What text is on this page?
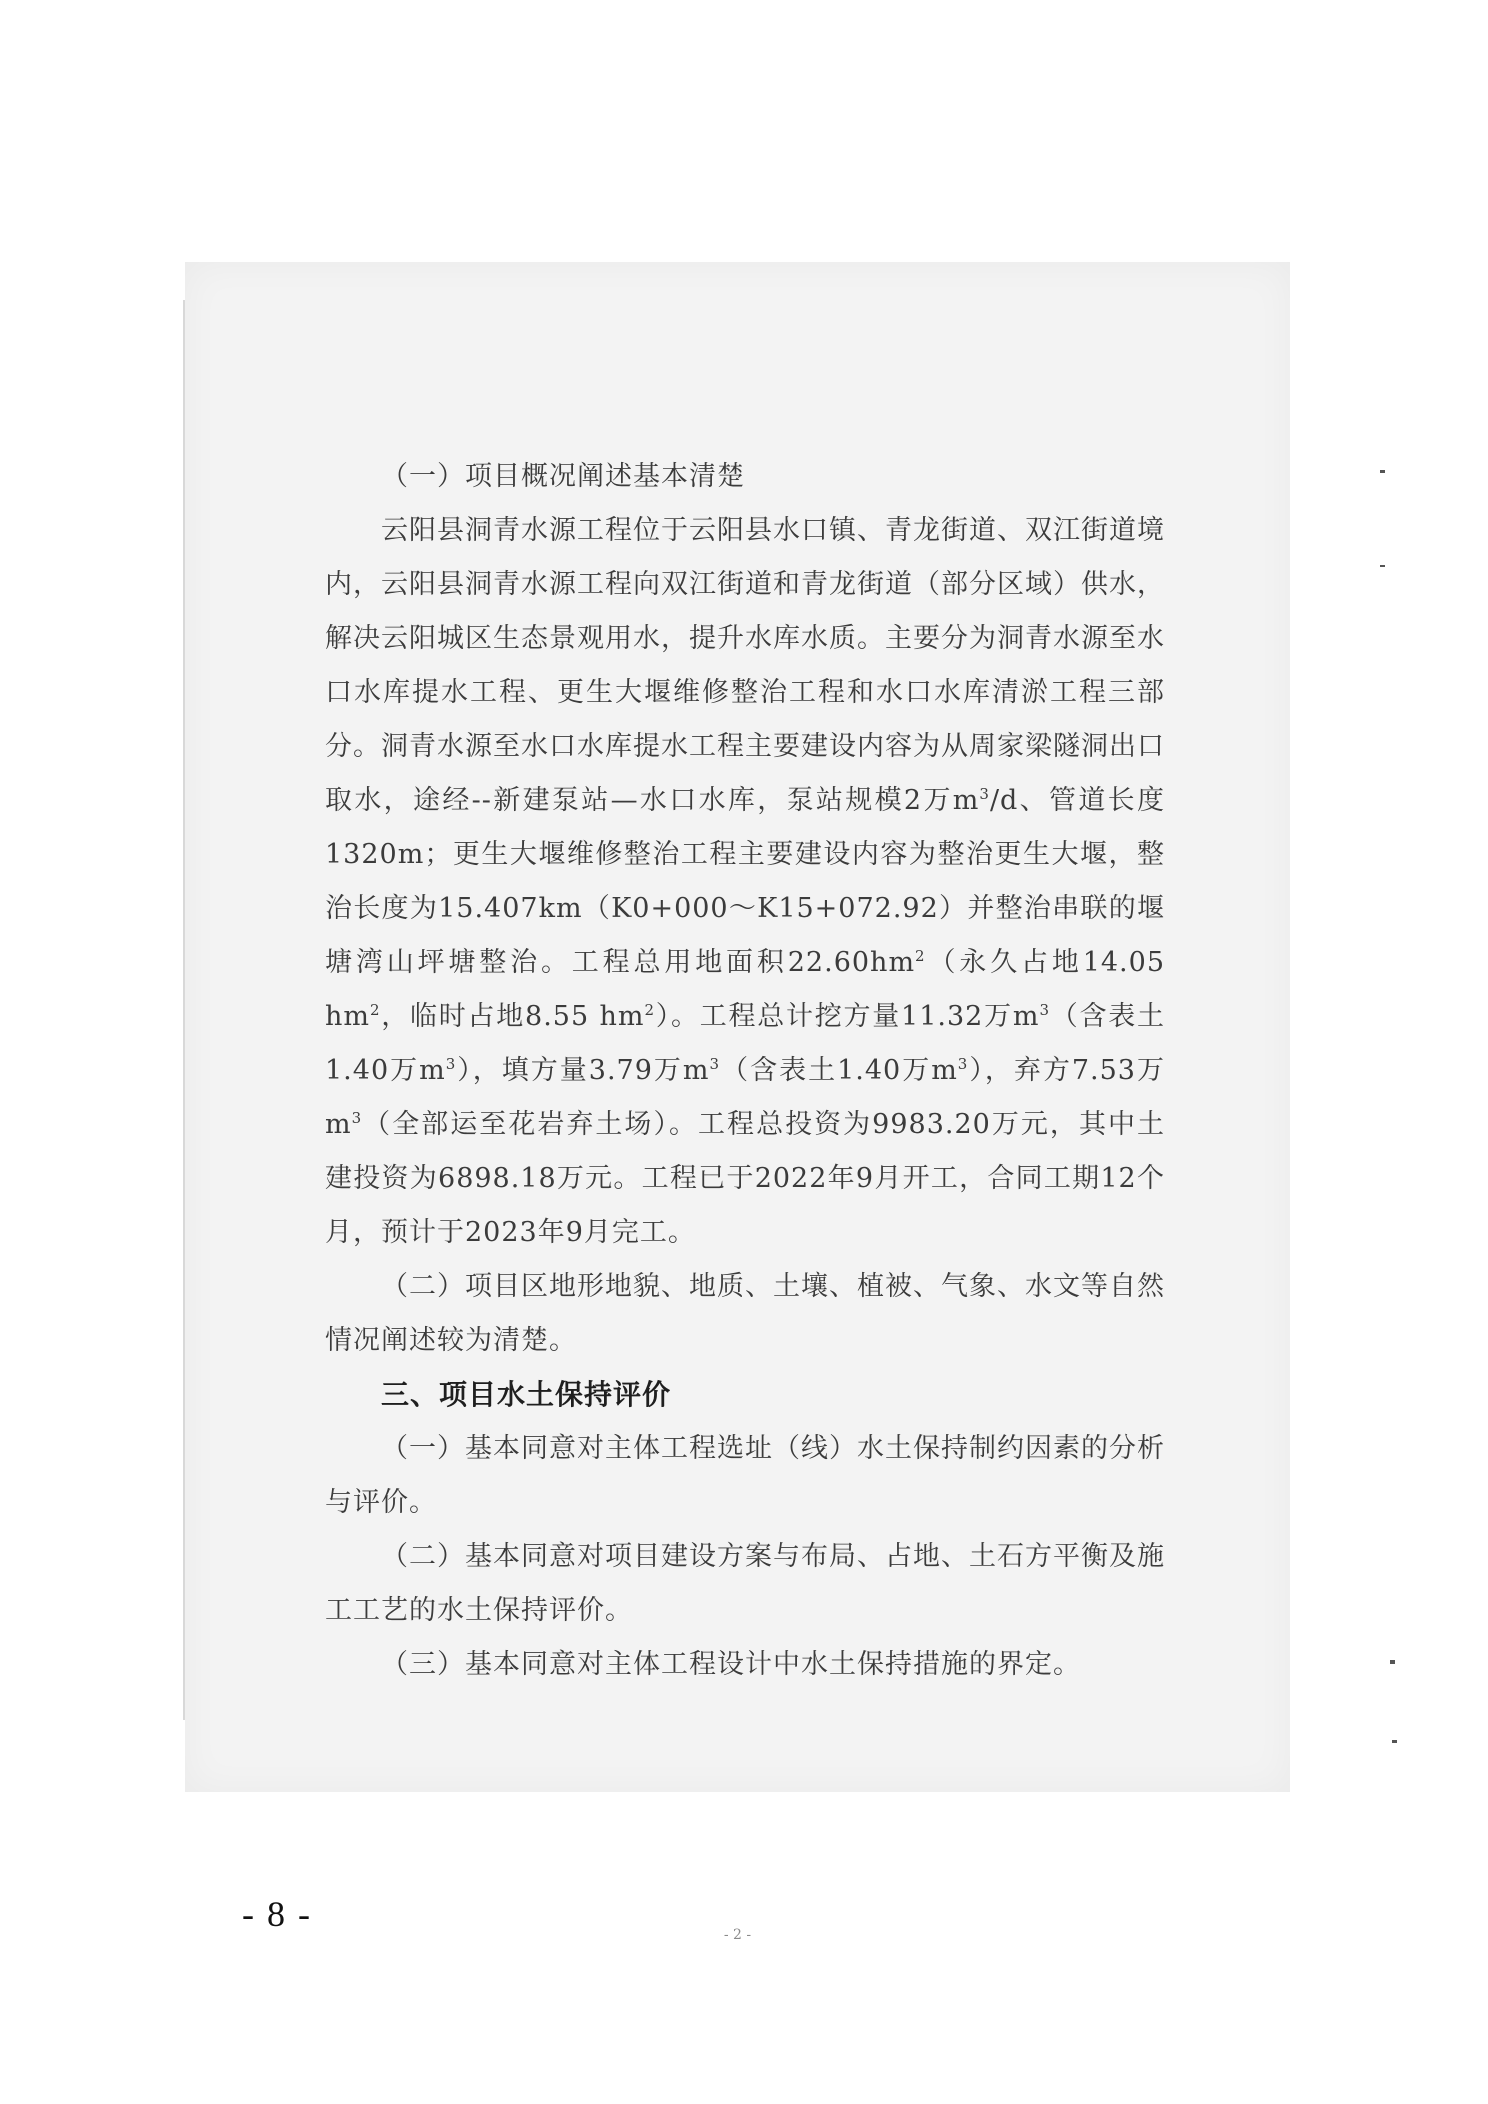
- 2 -

（一）项目概况阐述基本清楚

云阳县洞青水源工程位于云阳县水口镇、青龙街道、双江街道境内，云阳县洞青水源工程向双江街道和青龙街道（部分区域）供水，解决云阳城区生态景观用水，提升水库水质。主要分为洞青水源至水口水库提水工程、更生大堰维修整治工程和水口水库清淤工程三部分。洞青水源至水口水库提水工程主要建设内容为从周家梁隧洞出口取水，途经--新建泵站—水口水库，泵站规模2万$m^3/d$、管道长度1320m；更生大堰维修整治工程主要建设内容为整治更生大堰，整治长度为15.407km（K0+000～K15+072.92）并整治串联的堰塘湾山坪塘整治。工程总用地面积$22.60hm^2$（永久占地14.05 $hm^2$，临时占地8.55 $hm^2$）。工程总计挖方量11.32万$m^3$（含表土1.40万$m^3$），填方量3.79万$m^3$（含表土1.40万$m^3$），弃方7.53万$m^3$（全部运至花岩弃土场）。工程总投资为9983.20万元，其中土建投资为6898.18万元。工程已于2022年9月开工，合同工期12个月，预计于2023年9月完工。

（二）项目区地形地貌、地质、土壤、植被、气象、水文等自然情况阐述较为清楚。

三、项目水土保持评价

（一）基本同意对主体工程选址（线）水土保持制约因素的分析与评价。

（二）基本同意对项目建设方案与布局、占地、土石方平衡及施工工艺的水土保持评价。

（三）基本同意对主体工程设计中水土保持措施的界定。

- 8 -
